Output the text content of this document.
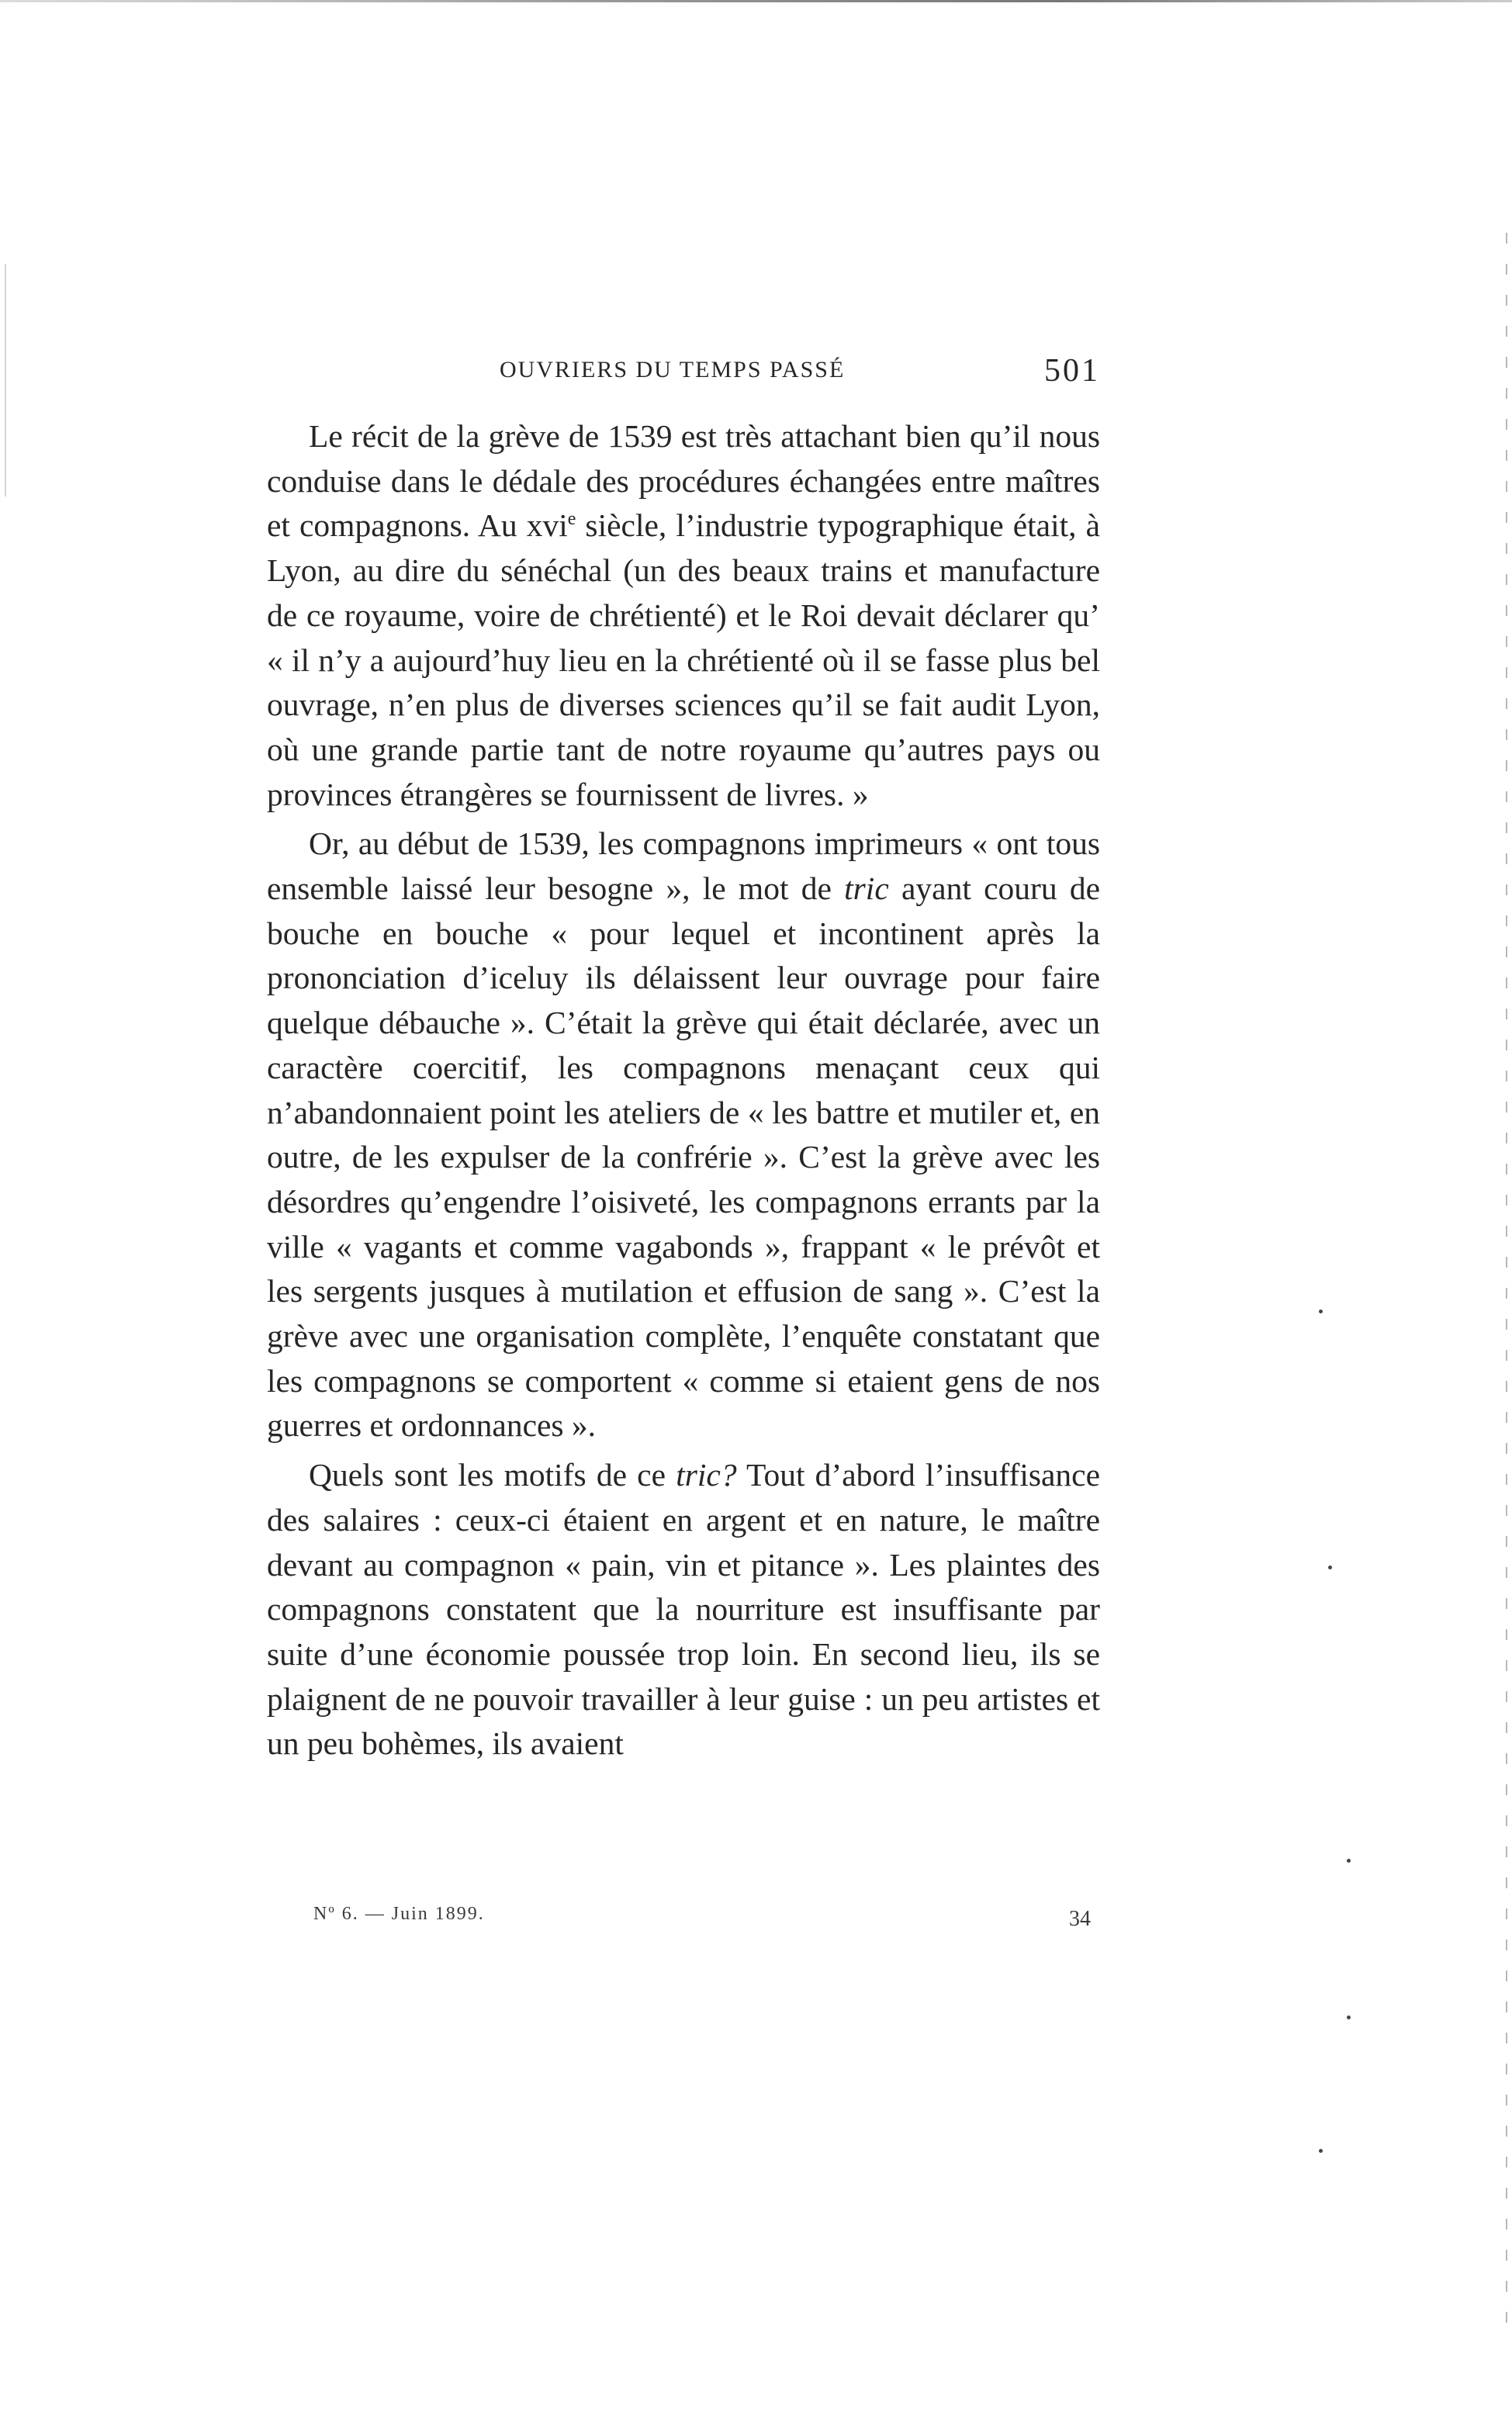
OUVRIERS DU TEMPS PASSÉ	501

Le récit de la grève de 1539 est très attachant bien qu’il nous conduise dans le dédale des procédures échangées entre maîtres et compagnons. Au xvi$^e$ siècle, l’industrie typographique était, à Lyon, au dire du sénéchal (un des beaux trains et manufacture de ce royaume, voire de chrétienté) et le Roi devait déclarer qu’ « il n’y a aujourd’huy lieu en la chrétienté où il se fasse plus bel ouvrage, n’en plus de diverses sciences qu’il se fait audit Lyon, où une grande partie tant de notre royaume qu’autres pays ou provinces étrangères se fournissent de livres. »

Or, au début de 1539, les compagnons imprimeurs « ont tous ensemble laissé leur besogne », le mot de tric ayant couru de bouche en bouche « pour lequel et incontinent après la prononciation d’iceluy ils délaissent leur ouvrage pour faire quelque débauche ». C’était la grève qui était déclarée, avec un caractère coercitif, les compagnons menaçant ceux qui n’abandonnaient point les ateliers de « les battre et mutiler et, en outre, de les expulser de la confrérie ». C’est la grève avec les désordres qu’engendre l’oisiveté, les compagnons errants par la ville « vagants et comme vagabonds », frappant « le prévôt et les sergents jusques à mutilation et effusion de sang ». C’est la grève avec une organisation complète, l’enquête constatant que les compagnons se comportent « comme si etaient gens de nos guerres et ordonnances ».

Quels sont les motifs de ce tric? Tout d’abord l’insuffisance des salaires : ceux-ci étaient en argent et en nature, le maître devant au compagnon « pain, vin et pitance ». Les plaintes des compagnons constatent que la nourriture est insuffisante par suite d’une économie poussée trop loin. En second lieu, ils se plaignent de ne pouvoir travailler à leur guise : un peu artistes et un peu bohèmes, ils avaient

Nº 6. — Juin 1899.	34
